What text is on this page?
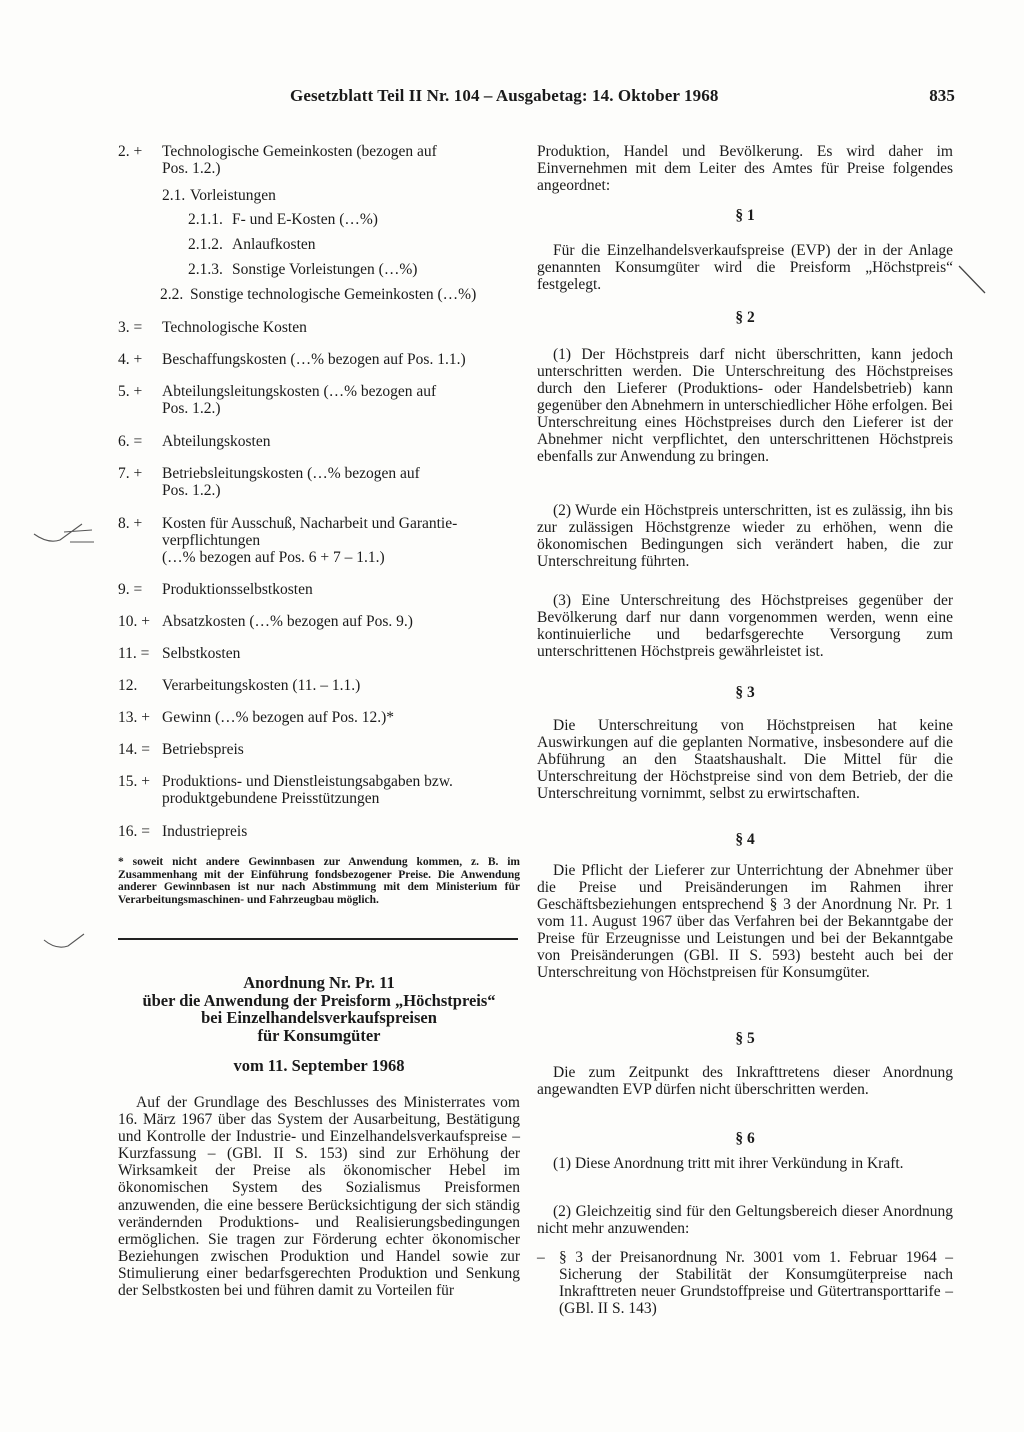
Gesetzblatt Teil II Nr. 104 – Ausgabetag: 14. Oktober 1968	835
2. + Technologische Gemeinkosten (bezogen auf
Pos. 1.2.)
2.1. Vorleistungen
2.1.1. F- und E-Kosten (…%)
2.1.2. Anlaufkosten
2.1.3. Sonstige Vorleistungen (…%)
2.2. Sonstige technologische Gemeinkosten (…%)
3. = Technologische Kosten
4. + Beschaffungskosten (…% bezogen auf Pos. 1.1.)
5. + Abteilungsleitungskosten (…% bezogen auf
Pos. 1.2.)
6. = Abteilungskosten
7. + Betriebsleitungskosten (…% bezogen auf
Pos. 1.2.)
8. + Kosten für Ausschuß, Nacharbeit und Garantie-
verpflichtungen
(…% bezogen auf Pos. 6 + 7 – 1.1.)
9. = Produktionsselbstkosten
10. + Absatzkosten (…% bezogen auf Pos. 9.)
11. = Selbstkosten
12. Verarbeitungskosten (11. – 1.1.)
13. + Gewinn (…% bezogen auf Pos. 12.)*
14. = Betriebspreis
15. + Produktions- und Dienstleistungsabgaben bzw.
produktgebundene Preisstützungen
16. = Industriepreis
* soweit nicht andere Gewinnbasen zur Anwendung kommen, z. B. im Zusammenhang mit der Einführung fondsbezogener Preise. Die Anwendung anderer Gewinnbasen ist nur nach Abstimmung mit dem Ministerium für Verarbeitungsmaschinen- und Fahrzeugbau möglich.
Anordnung Nr. Pr. 11
über die Anwendung der Preisform „Höchstpreis“
bei Einzelhandelsverkaufspreisen
für Konsumgüter
vom 11. September 1968
Auf der Grundlage des Beschlusses des Ministerrates vom 16. März 1967 über das System der Ausarbeitung, Bestätigung und Kontrolle der Industrie- und Einzelhandelsverkaufspreise – Kurzfassung – (GBl. II S. 153) sind zur Erhöhung der Wirksamkeit der Preise als ökonomischer Hebel im ökonomischen System des Sozialismus Preisformen anzuwenden, die eine bessere Berücksichtigung der sich ständig verändernden Produktions- und Realisierungsbedingungen ermöglichen. Sie tragen zur Förderung echter ökonomischer Beziehungen zwischen Produktion und Handel sowie zur Stimulierung einer bedarfsgerechten Produktion und Senkung der Selbstkosten bei und führen damit zu Vorteilen für
Produktion, Handel und Bevölkerung. Es wird daher im Einvernehmen mit dem Leiter des Amtes für Preise folgendes angeordnet:
§ 1
Für die Einzelhandelsverkaufspreise (EVP) der in der Anlage genannten Konsumgüter wird die Preisform „Höchstpreis“ festgelegt.
§ 2
(1) Der Höchstpreis darf nicht überschritten, kann jedoch unterschritten werden. Die Unterschreitung des Höchstpreises durch den Lieferer (Produktions- oder Handelsbetrieb) kann gegenüber den Abnehmern in unterschiedlicher Höhe erfolgen. Bei Unterschreitung eines Höchstpreises durch den Lieferer ist der Abnehmer nicht verpflichtet, den unterschrittenen Höchstpreis ebenfalls zur Anwendung zu bringen.
(2) Wurde ein Höchstpreis unterschritten, ist es zulässig, ihn bis zur zulässigen Höchstgrenze wieder zu erhöhen, wenn die ökonomischen Bedingungen sich verändert haben, die zur Unterschreitung führten.
(3) Eine Unterschreitung des Höchstpreises gegenüber der Bevölkerung darf nur dann vorgenommen werden, wenn eine kontinuierliche und bedarfsgerechte Versorgung zum unterschrittenen Höchstpreis gewährleistet ist.
§ 3
Die Unterschreitung von Höchstpreisen hat keine Auswirkungen auf die geplanten Normative, insbesondere auf die Abführung an den Staatshaushalt. Die Mittel für die Unterschreitung der Höchstpreise sind von dem Betrieb, der die Unterschreitung vornimmt, selbst zu erwirtschaften.
§ 4
Die Pflicht der Lieferer zur Unterrichtung der Abnehmer über die Preise und Preisänderungen im Rahmen ihrer Geschäftsbeziehungen entsprechend § 3 der Anordnung Nr. Pr. 1 vom 11. August 1967 über das Verfahren bei der Bekanntgabe der Preise für Erzeugnisse und Leistungen und bei der Bekanntgabe von Preisänderungen (GBl. II S. 593) besteht auch bei der Unterschreitung von Höchstpreisen für Konsumgüter.
§ 5
Die zum Zeitpunkt des Inkrafttretens dieser Anordnung angewandten EVP dürfen nicht überschritten werden.
§ 6
(1) Diese Anordnung tritt mit ihrer Verkündung in Kraft.
(2) Gleichzeitig sind für den Geltungsbereich dieser Anordnung nicht mehr anzuwenden:
– § 3 der Preisanordnung Nr. 3001 vom 1. Februar 1964 – Sicherung der Stabilität der Konsumgüterpreise nach Inkrafttreten neuer Grundstoffpreise und Gütertransporttarife – (GBl. II S. 143)
